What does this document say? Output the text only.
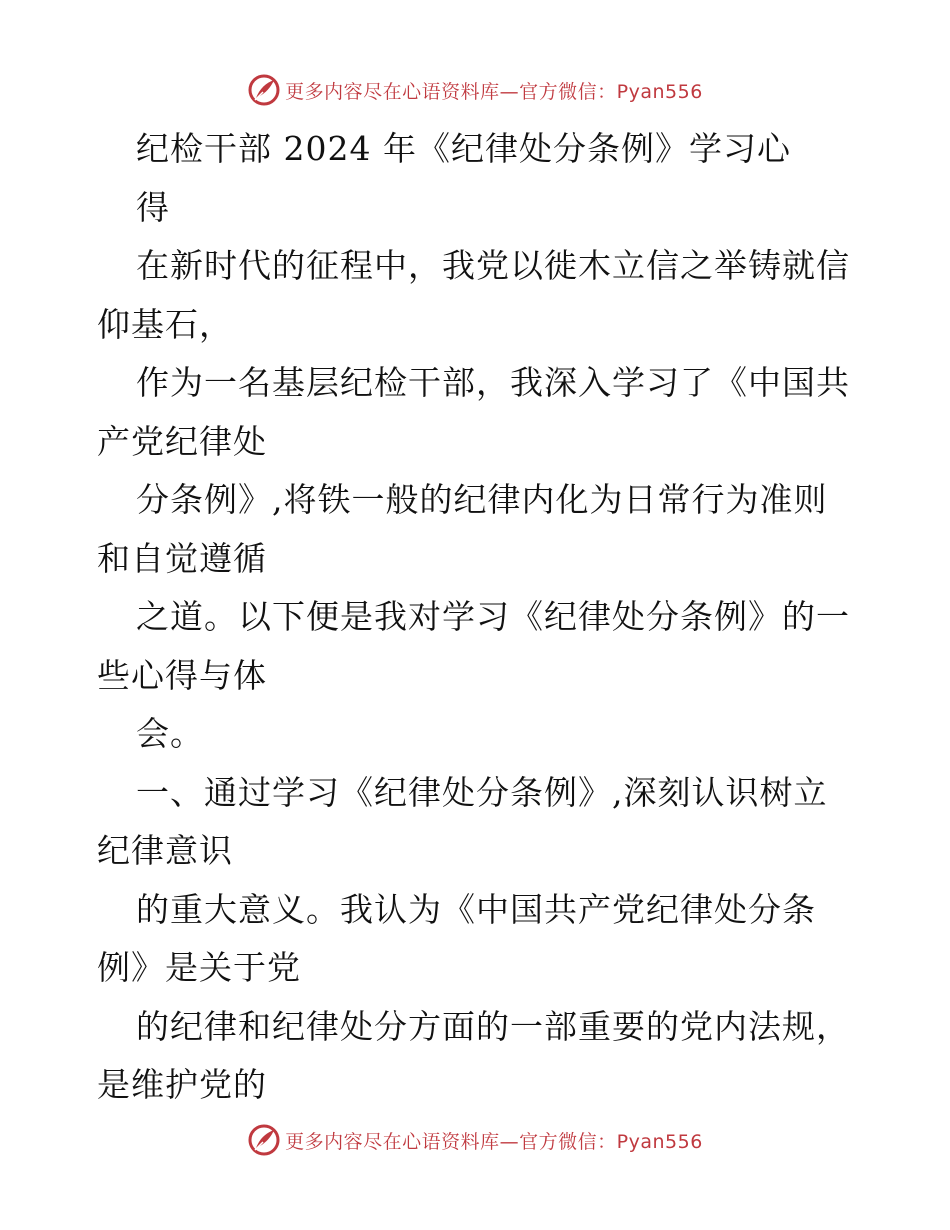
更多内容尽在心语资料库—官方微信：Pyan556
纪检干部 2024 年《纪律处分条例》学习心
得
在新时代的征程中，我党以徙木立信之举铸就信
仰基石，
作为一名基层纪检干部，我深入学习了《中国共
产党纪律处
分条例》,将铁一般的纪律内化为日常行为准则
和自觉遵循
之道。以下便是我对学习《纪律处分条例》的一
些心得与体
会。
一、通过学习《纪律处分条例》,深刻认识树立
纪律意识
的重大意义。我认为《中国共产党纪律处分条
例》是关于党
的纪律和纪律处分方面的一部重要的党内法规，
是维护党的
更多内容尽在心语资料库—官方微信：Pyan556
